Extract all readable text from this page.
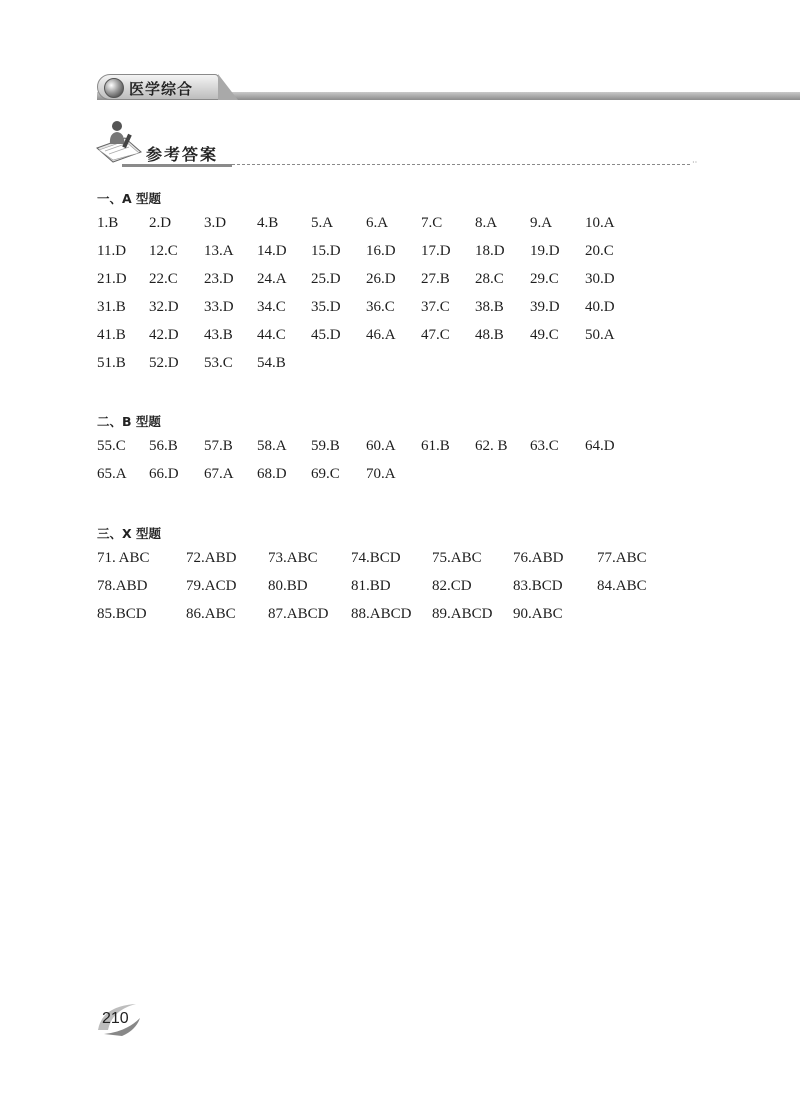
医学综合
参考答案	··
一、A 型题
1.B 2.D 3.D 4.B 5.A 6.A 7.C 8.A 9.A 10.A
11.D 12.C 13.A 14.D 15.D 16.D 17.D 18.D 19.D 20.C
21.D 22.C 23.D 24.A 25.D 26.D 27.B 28.C 29.C 30.D
31.B 32.D 33.D 34.C 35.D 36.C 37.C 38.B 39.D 40.D
41.B 42.D 43.B 44.C 45.D 46.A 47.C 48.B 49.C 50.A
51.B 52.D 53.C 54.B
二、B 型题
55.C 56.B 57.B 58.A 59.B 60.A 61.B 62. B 63.C 64.D
65.A 66.D 67.A 68.D 69.C 70.A
三、X 型题
71. ABC 72.ABD 73.ABC 74.BCD 75.ABC 76.ABD 77.ABC
78.ABD	79.ACD 80.BD	81.BD	82.CD	83.BCD 84.ABC
85.BCD	86.ABC 87.ABCD 88.ABCD 89.ABCD 90.ABC
210
